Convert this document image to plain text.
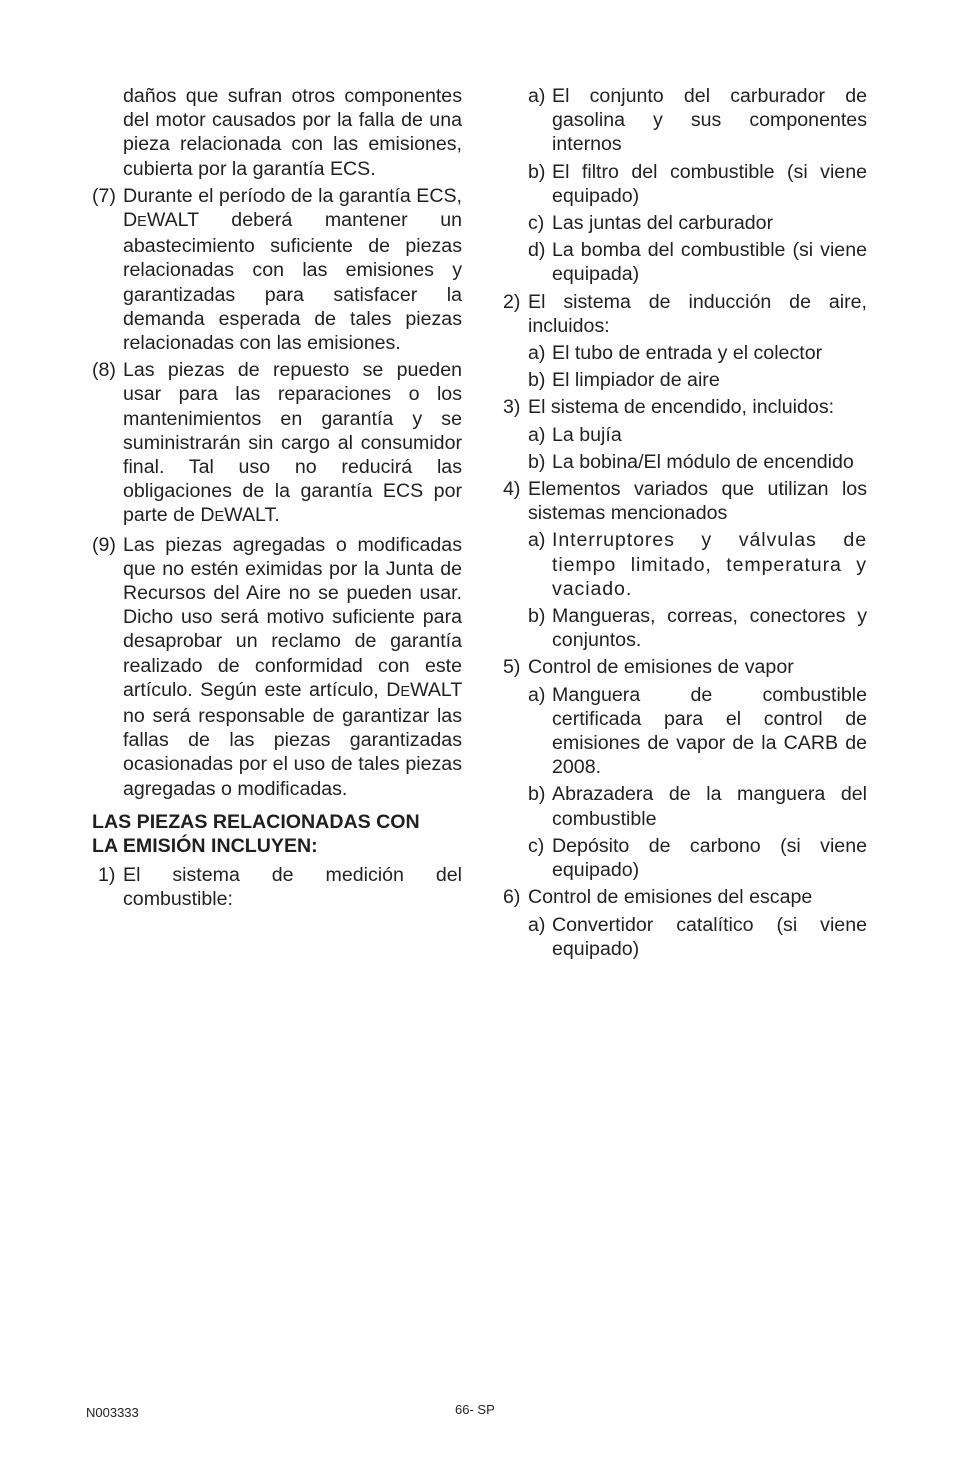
daños que sufran otros componentes del motor causados por la falla de una pieza relacionada con las emisiones, cubierta por la garantía ECS.
(7) Durante el período de la garantía ECS, DEWALT deberá mantener un abastecimiento suficiente de piezas relacionadas con las emisiones y garantizadas para satisfacer la demanda esperada de tales piezas relacionadas con las emisiones.
(8) Las piezas de repuesto se pueden usar para las reparaciones o los mantenimientos en garantía y se suministrarán sin cargo al consumidor final. Tal uso no reducirá las obligaciones de la garantía ECS por parte de DEWALT.
(9) Las piezas agregadas o modificadas que no estén eximidas por la Junta de Recursos del Aire no se pueden usar. Dicho uso será motivo suficiente para desaprobar un reclamo de garantía realizado de conformidad con este artículo. Según este artículo, DEWALT no será responsable de garantizar las fallas de las piezas garantizadas ocasionadas por el uso de tales piezas agregadas o modificadas.
LAS PIEZAS RELACIONADAS CON
LA EMISIÓN INCLUYEN:
1) El sistema de medición del combustible:
a) El conjunto del carburador de gasolina y sus componentes internos
b) El filtro del combustible (si viene equipado)
c) Las juntas del carburador
d) La bomba del combustible (si viene equipada)
2) El sistema de inducción de aire, incluidos:
a) El tubo de entrada y el colector
b) El limpiador de aire
3) El sistema de encendido, incluidos:
a) La bujía
b) La bobina/El módulo de encendido
4) Elementos variados que utilizan los sistemas mencionados
a) Interruptores y válvulas de tiempo limitado, temperatura y vaciado.
b) Mangueras, correas, conectores y conjuntos.
5) Control de emisiones de vapor
a) Manguera de combustible certificada para el control de emisiones de vapor de la CARB de 2008.
b) Abrazadera de la manguera del combustible
c) Depósito de carbono (si viene equipado)
6) Control de emisiones del escape
a) Convertidor catalítico (si viene equipado)
N003333	66- SP
